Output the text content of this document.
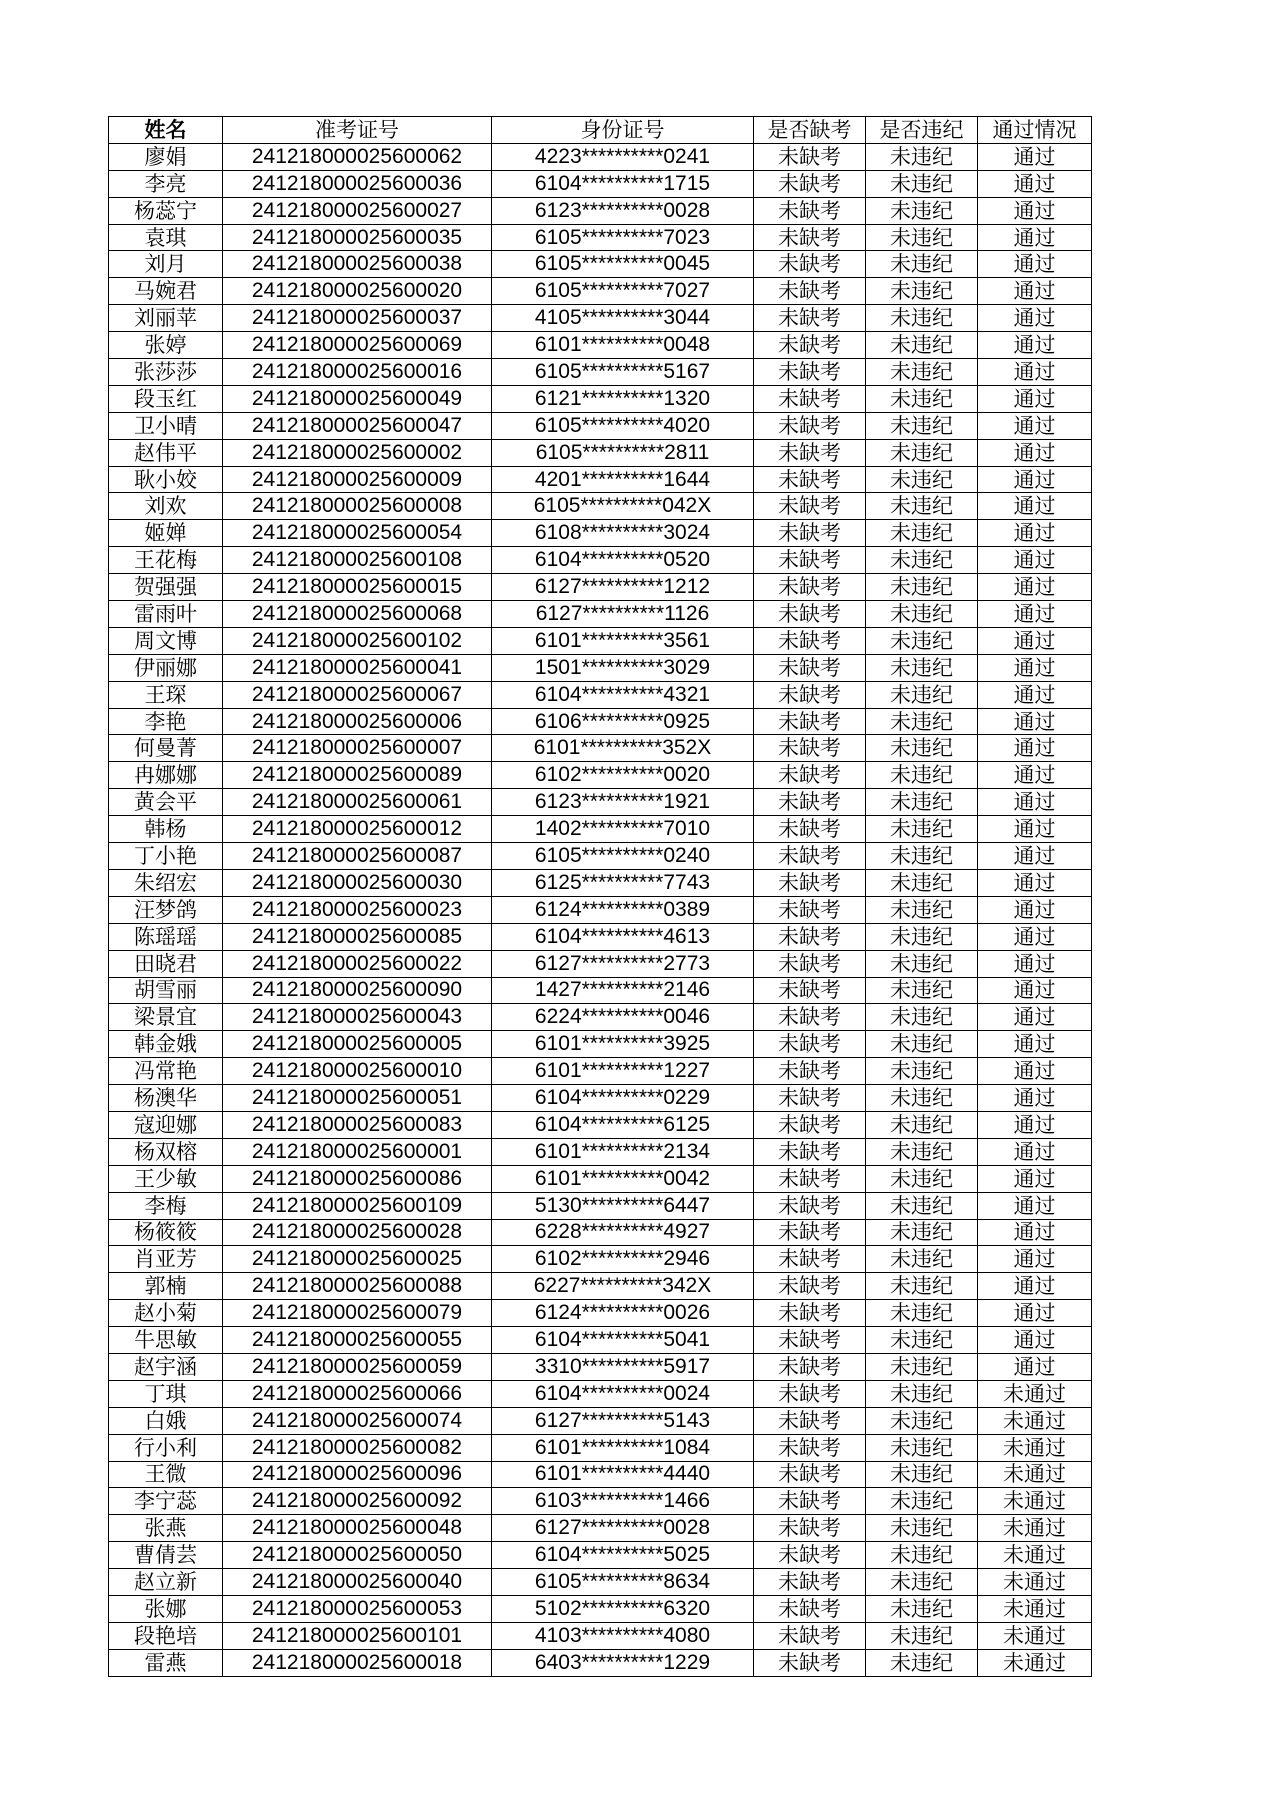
姓名	准考证号	身份证号	是否缺考	是否违纪	通过情况
廖娟	241218000025600062	4223**********0241	未缺考	未违纪	通过
李亮	241218000025600036	6104**********1715	未缺考	未违纪	通过
杨蕊宁	241218000025600027	6123**********0028	未缺考	未违纪	通过
袁琪	241218000025600035	6105**********7023	未缺考	未违纪	通过
刘月	241218000025600038	6105**********0045	未缺考	未违纪	通过
马婉君	241218000025600020	6105**********7027	未缺考	未违纪	通过
刘丽苹	241218000025600037	4105**********3044	未缺考	未违纪	通过
张婷	241218000025600069	6101**********0048	未缺考	未违纪	通过
张莎莎	241218000025600016	6105**********5167	未缺考	未违纪	通过
段玉红	241218000025600049	6121**********1320	未缺考	未违纪	通过
卫小晴	241218000025600047	6105**********4020	未缺考	未违纪	通过
赵伟平	241218000025600002	6105**********2811	未缺考	未违纪	通过
耿小姣	241218000025600009	4201**********1644	未缺考	未违纪	通过
刘欢	241218000025600008	6105**********042X	未缺考	未违纪	通过
姬婵	241218000025600054	6108**********3024	未缺考	未违纪	通过
王花梅	241218000025600108	6104**********0520	未缺考	未违纪	通过
贺强强	241218000025600015	6127**********1212	未缺考	未违纪	通过
雷雨叶	241218000025600068	6127**********1126	未缺考	未违纪	通过
周文博	241218000025600102	6101**********3561	未缺考	未违纪	通过
伊丽娜	241218000025600041	1501**********3029	未缺考	未违纪	通过
王琛	241218000025600067	6104**********4321	未缺考	未违纪	通过
李艳	241218000025600006	6106**********0925	未缺考	未违纪	通过
何曼菁	241218000025600007	6101**********352X	未缺考	未违纪	通过
冉娜娜	241218000025600089	6102**********0020	未缺考	未违纪	通过
黄会平	241218000025600061	6123**********1921	未缺考	未违纪	通过
韩杨	241218000025600012	1402**********7010	未缺考	未违纪	通过
丁小艳	241218000025600087	6105**********0240	未缺考	未违纪	通过
朱绍宏	241218000025600030	6125**********7743	未缺考	未违纪	通过
汪梦鸽	241218000025600023	6124**********0389	未缺考	未违纪	通过
陈瑶瑶	241218000025600085	6104**********4613	未缺考	未违纪	通过
田晓君	241218000025600022	6127**********2773	未缺考	未违纪	通过
胡雪丽	241218000025600090	1427**********2146	未缺考	未违纪	通过
梁景宜	241218000025600043	6224**********0046	未缺考	未违纪	通过
韩金娥	241218000025600005	6101**********3925	未缺考	未违纪	通过
冯常艳	241218000025600010	6101**********1227	未缺考	未违纪	通过
杨澳华	241218000025600051	6104**********0229	未缺考	未违纪	通过
寇迎娜	241218000025600083	6104**********6125	未缺考	未违纪	通过
杨双榕	241218000025600001	6101**********2134	未缺考	未违纪	通过
王少敏	241218000025600086	6101**********0042	未缺考	未违纪	通过
李梅	241218000025600109	5130**********6447	未缺考	未违纪	通过
杨筱筱	241218000025600028	6228**********4927	未缺考	未违纪	通过
肖亚芳	241218000025600025	6102**********2946	未缺考	未违纪	通过
郭楠	241218000025600088	6227**********342X	未缺考	未违纪	通过
赵小菊	241218000025600079	6124**********0026	未缺考	未违纪	通过
牛思敏	241218000025600055	6104**********5041	未缺考	未违纪	通过
赵宇涵	241218000025600059	3310**********5917	未缺考	未违纪	通过
丁琪	241218000025600066	6104**********0024	未缺考	未违纪	未通过
白娥	241218000025600074	6127**********5143	未缺考	未违纪	未通过
行小利	241218000025600082	6101**********1084	未缺考	未违纪	未通过
王微	241218000025600096	6101**********4440	未缺考	未违纪	未通过
李宁蕊	241218000025600092	6103**********1466	未缺考	未违纪	未通过
张燕	241218000025600048	6127**********0028	未缺考	未违纪	未通过
曹倩芸	241218000025600050	6104**********5025	未缺考	未违纪	未通过
赵立新	241218000025600040	6105**********8634	未缺考	未违纪	未通过
张娜	241218000025600053	5102**********6320	未缺考	未违纪	未通过
段艳培	241218000025600101	4103**********4080	未缺考	未违纪	未通过
雷燕	241218000025600018	6403**********1229	未缺考	未违纪	未通过
